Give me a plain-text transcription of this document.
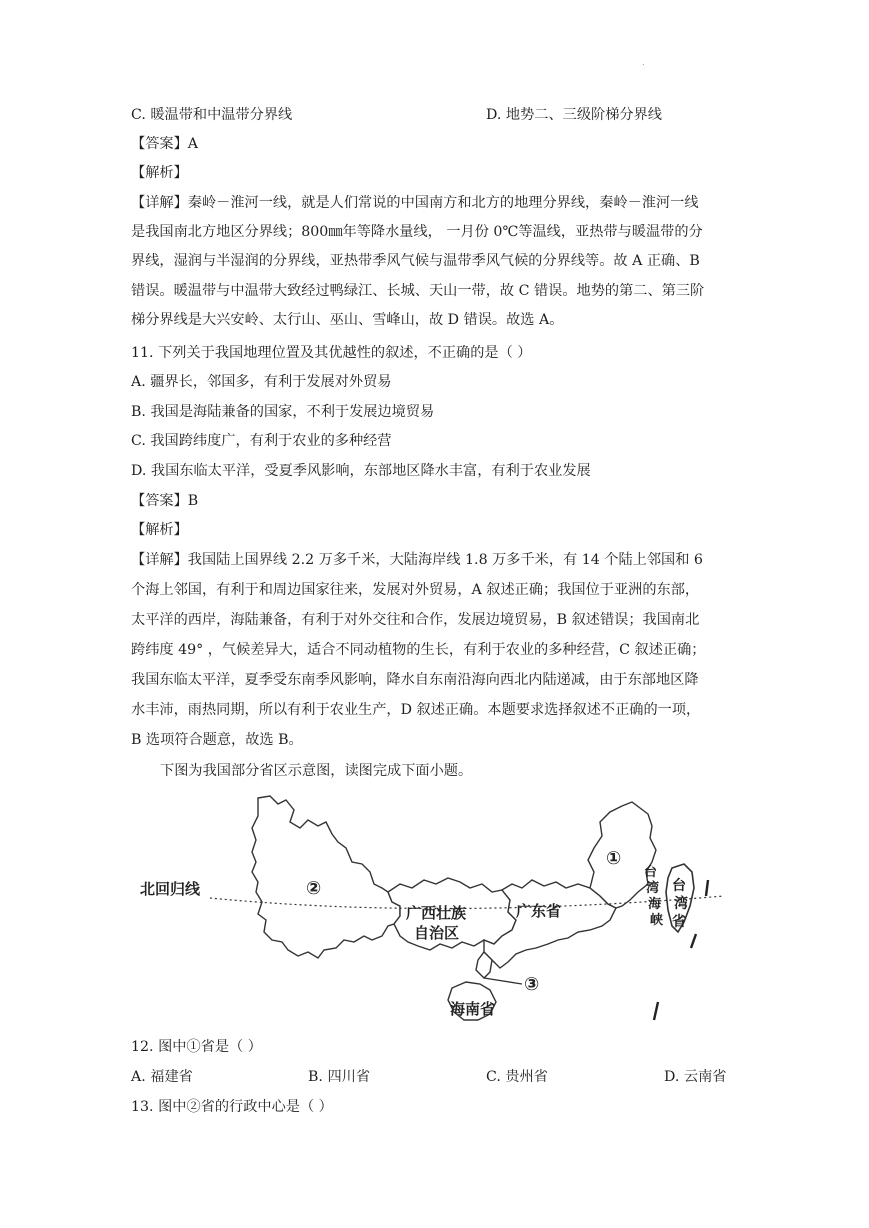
.
C. 暖温带和中温带分界线	D. 地势二、三级阶梯分界线
【答案】A
【解析】
【详解】秦岭－淮河一线，就是人们常说的中国南方和北方的地理分界线，秦岭－淮河一线
是我国南北方地区分界线；800㎜年等降水量线， 一月份 0℃等温线，亚热带与暖温带的分
界线，湿润与半湿润的分界线，亚热带季风气候与温带季风气候的分界线等。故 A 正确、B
错误。暖温带与中温带大致经过鸭绿江、长城、天山一带，故 C 错误。地势的第二、第三阶
梯分界线是大兴安岭、太行山、巫山、雪峰山，故 D 错误。故选 A。
11. 下列关于我国地理位置及其优越性的叙述，不正确的是（ ）
A. 疆界长，邻国多，有利于发展对外贸易
B. 我国是海陆兼备的国家，不利于发展边境贸易
C. 我国跨纬度广，有利于农业的多种经营
D. 我国东临太平洋，受夏季风影响，东部地区降水丰富，有利于农业发展
【答案】B
【解析】
【详解】我国陆上国界线 2.2 万多千米，大陆海岸线 1.8 万多千米，有 14 个陆上邻国和 6
个海上邻国，有利于和周边国家往来，发展对外贸易，A 叙述正确；我国位于亚洲的东部，
太平洋的西岸，海陆兼备，有利于对外交往和合作，发展边境贸易，B 叙述错误；我国南北
跨纬度 49° ，气候差异大，适合不同动植物的生长，有利于农业的多种经营，C 叙述正确；
我国东临太平洋，夏季受东南季风影响，降水自东南沿海向西北内陆递减，由于东部地区降
水丰沛，雨热同期，所以有利于农业生产，D 叙述正确。本题要求选择叙述不正确的一项，
B 选项符合题意，故选 B。
下图为我国部分省区示意图，读图完成下面小题。
北回归线
广西壮族
自治区
广东省
海南省
②
①
③
台
湾
海
峡
台
湾
省
12. 图中①省是（ ）
A. 福建省	B. 四川省	C. 贵州省	D. 云南省
13. 图中②省的行政中心是（ ）
